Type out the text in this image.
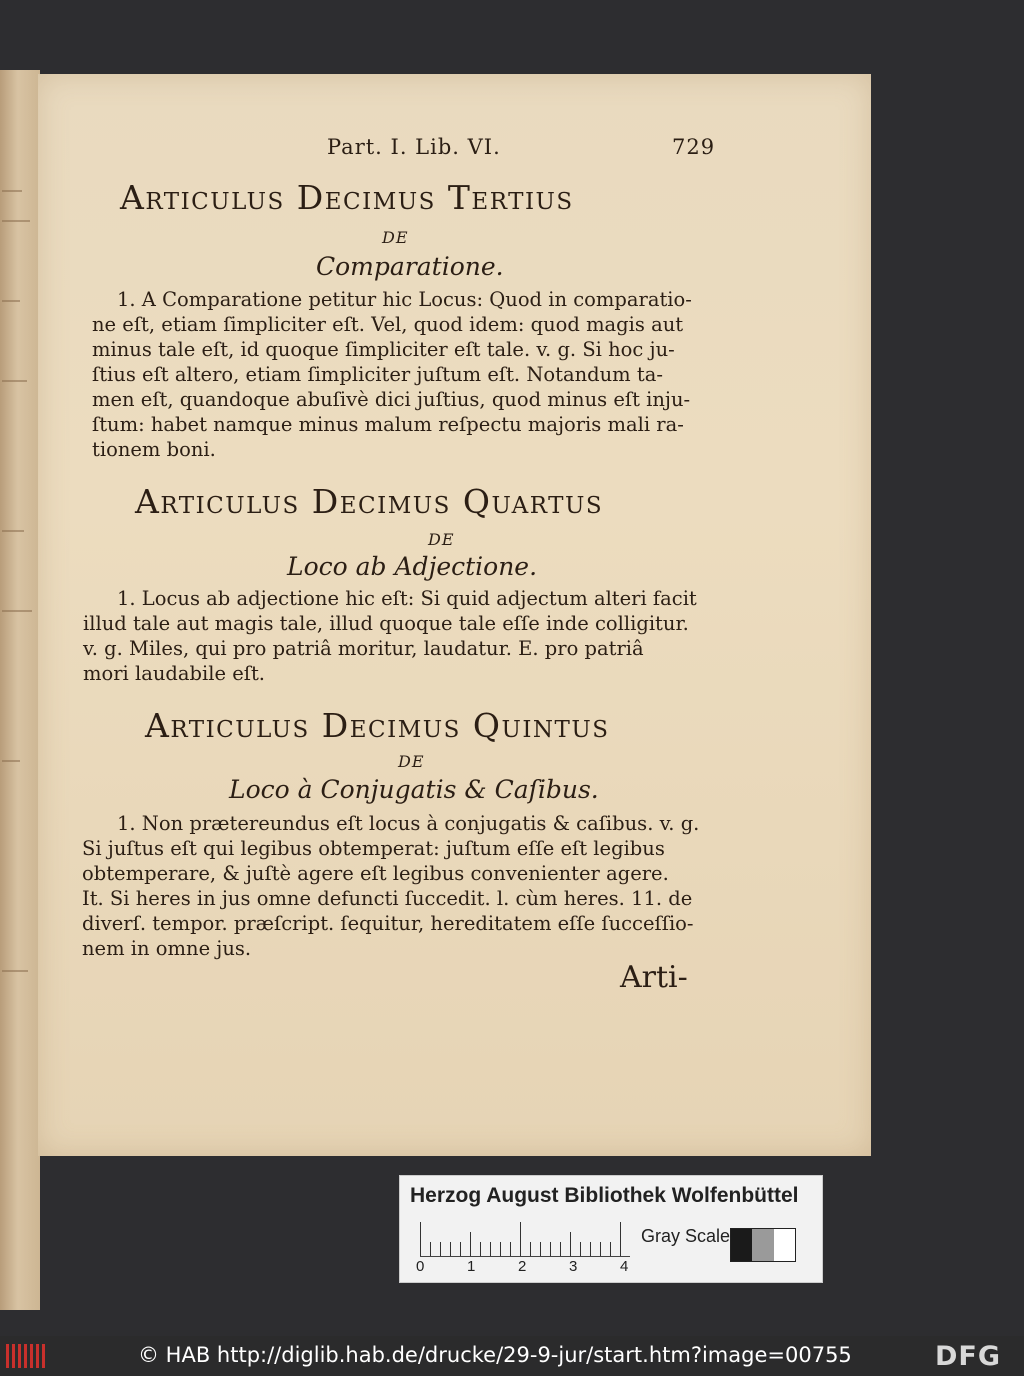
Part. I. Lib. VI.	729
Articulus Decimus Tertius
DE
Comparatione.
1. A Comparatione petitur hic Locus: Quod in comparatio-
ne eſt, etiam ſimpliciter eſt. Vel, quod idem: quod magis aut
minus tale eſt, id quoque ſimpliciter eſt tale. v. g. Si hoc ju-
ſtius eſt altero, etiam ſimpliciter juſtum eſt. Notandum ta-
men eſt, quandoque abuſivè dici juſtius, quod minus eſt inju-
ſtum: habet namque minus malum reſpectu majoris mali ra-
tionem boni.
Articulus Decimus Quartus
DE
Loco ab Adjectione.
1. Locus ab adjectione hic eſt: Si quid adjectum alteri facit
illud tale aut magis tale, illud quoque tale eſſe inde colligitur.
v. g. Miles, qui pro patriâ moritur, laudatur. E. pro patriâ
mori laudabile eſt.
Articulus Decimus Quintus
DE
Loco à Conjugatis & Caſibus.
1. Non prætereundus eſt locus à conjugatis & caſibus. v. g.
Si juſtus eſt qui legibus obtemperat: juſtum eſſe eſt legibus
obtemperare, & juſtè agere eſt legibus convenienter agere.
It. Si heres in jus omne defuncti ſuccedit. l. cùm heres. 11. de
diverſ. tempor. præſcript. ſequitur, hereditatem eſſe ſucceſſio-
nem in omne jus.
Arti-
Herzog August Bibliothek Wolfenbüttel
0	1	2	3	4
Gray Scale
© HAB http://diglib.hab.de/drucke/29-9-jur/start.htm?image=00755	DFG
